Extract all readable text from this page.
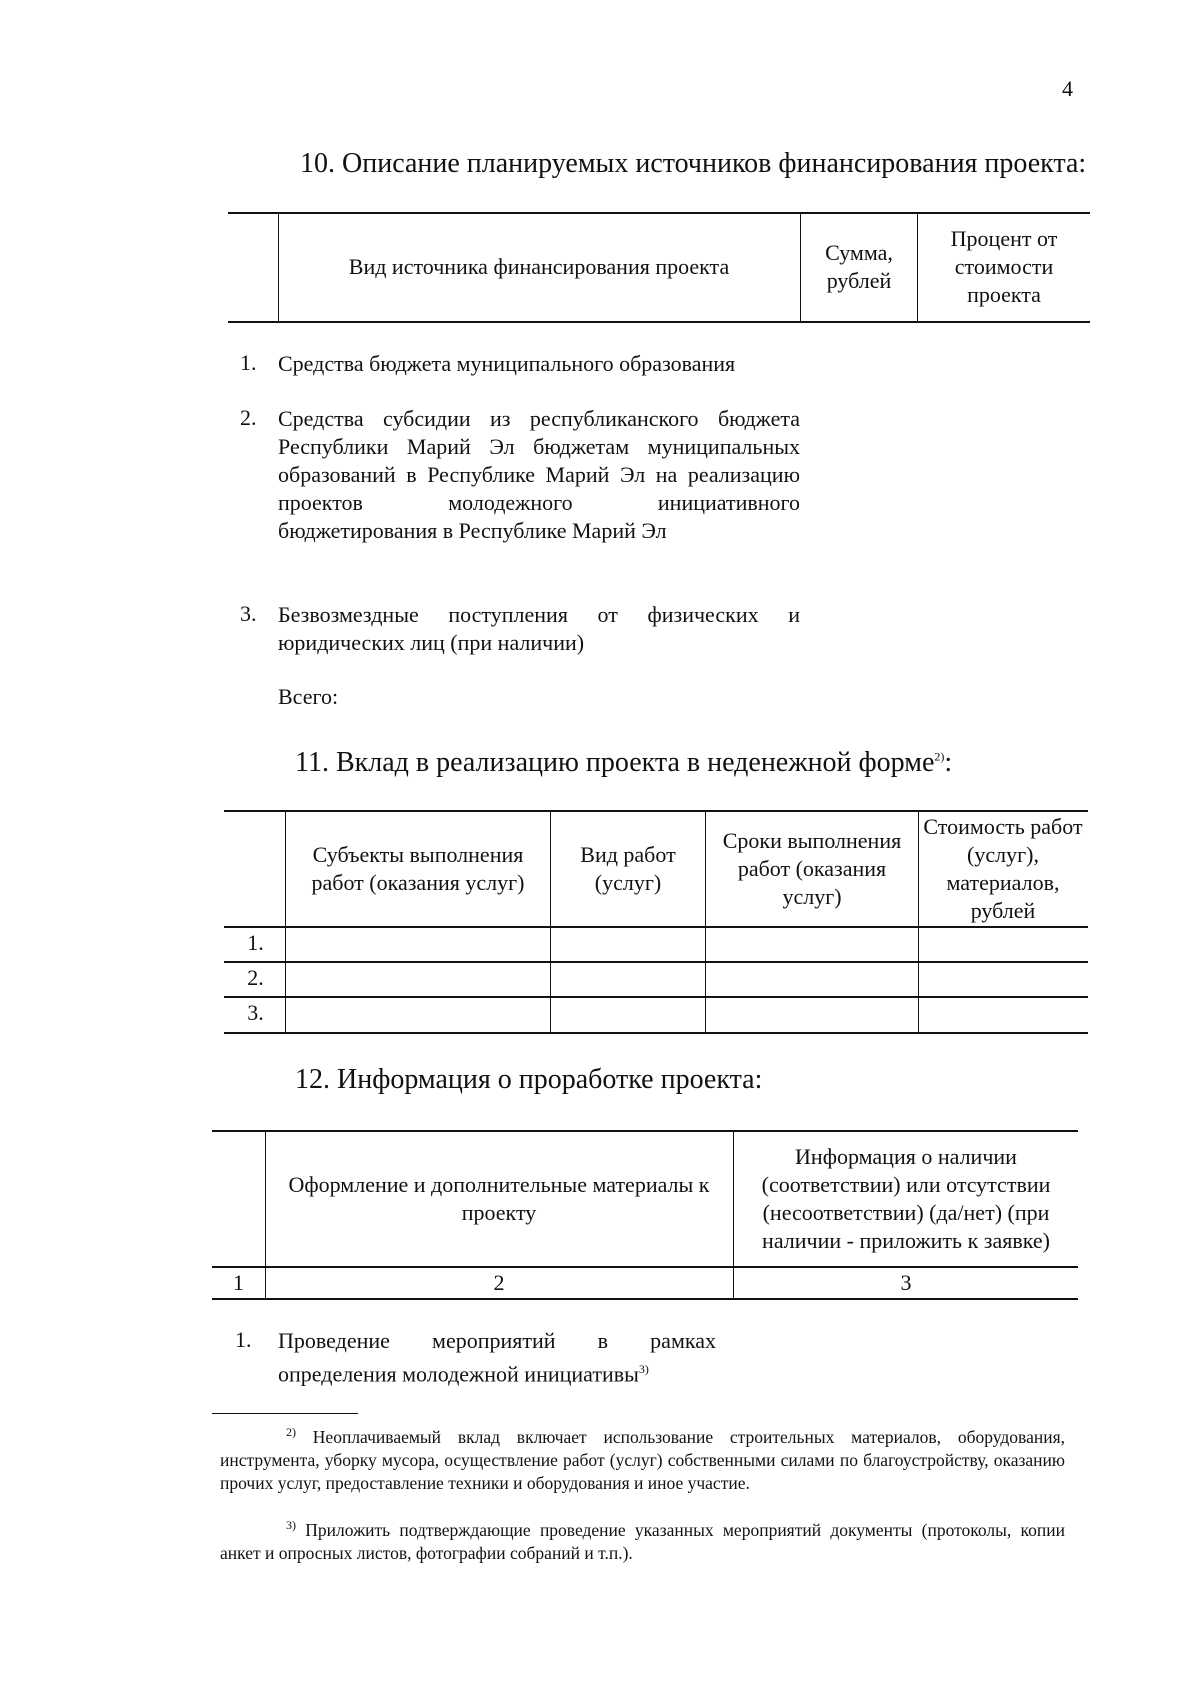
4
10. Описание планируемых источников финансирования проекта:
Вид источника финансирования проекта
Сумма, рублей
Процент от стоимости проекта
1. Средства бюджета муниципального образования
2. Средства субсидии из республиканского бюджета Республики Марий Эл бюджетам муниципальных образований в Республике Марий Эл на реализацию проектов молодежного инициативного бюджетирования в Республике Марий Эл
3. Безвозмездные поступления от физических и юридических лиц (при наличии)
Всего:
11. Вклад в реализацию проекта в неденежной форме$^{2)}$:
Субъекты выполнения работ (оказания услуг)
Вид работ (услуг)
Сроки выполнения работ (оказания услуг)
Стоимость работ (услуг), материалов, рублей
1.
2.
3.
12. Информация о проработке проекта:
Оформление и дополнительные материалы к проекту
Информация о наличии (соответствии) или отсутствии (несоответствии) (да/нет) (при наличии - приложить к заявке)
1	2	3
1. Проведение мероприятий в рамках определения молодежной инициативы$^{3)}$
$^{2)}$ Неоплачиваемый вклад включает использование строительных материалов, оборудования, инструмента, уборку мусора, осуществление работ (услуг) собственными силами по благоустройству, оказанию прочих услуг, предоставление техники и оборудования и иное участие.
$^{3)}$ Приложить подтверждающие проведение указанных мероприятий документы (протоколы, копии анкет и опросных листов, фотографии собраний и т.п.).
